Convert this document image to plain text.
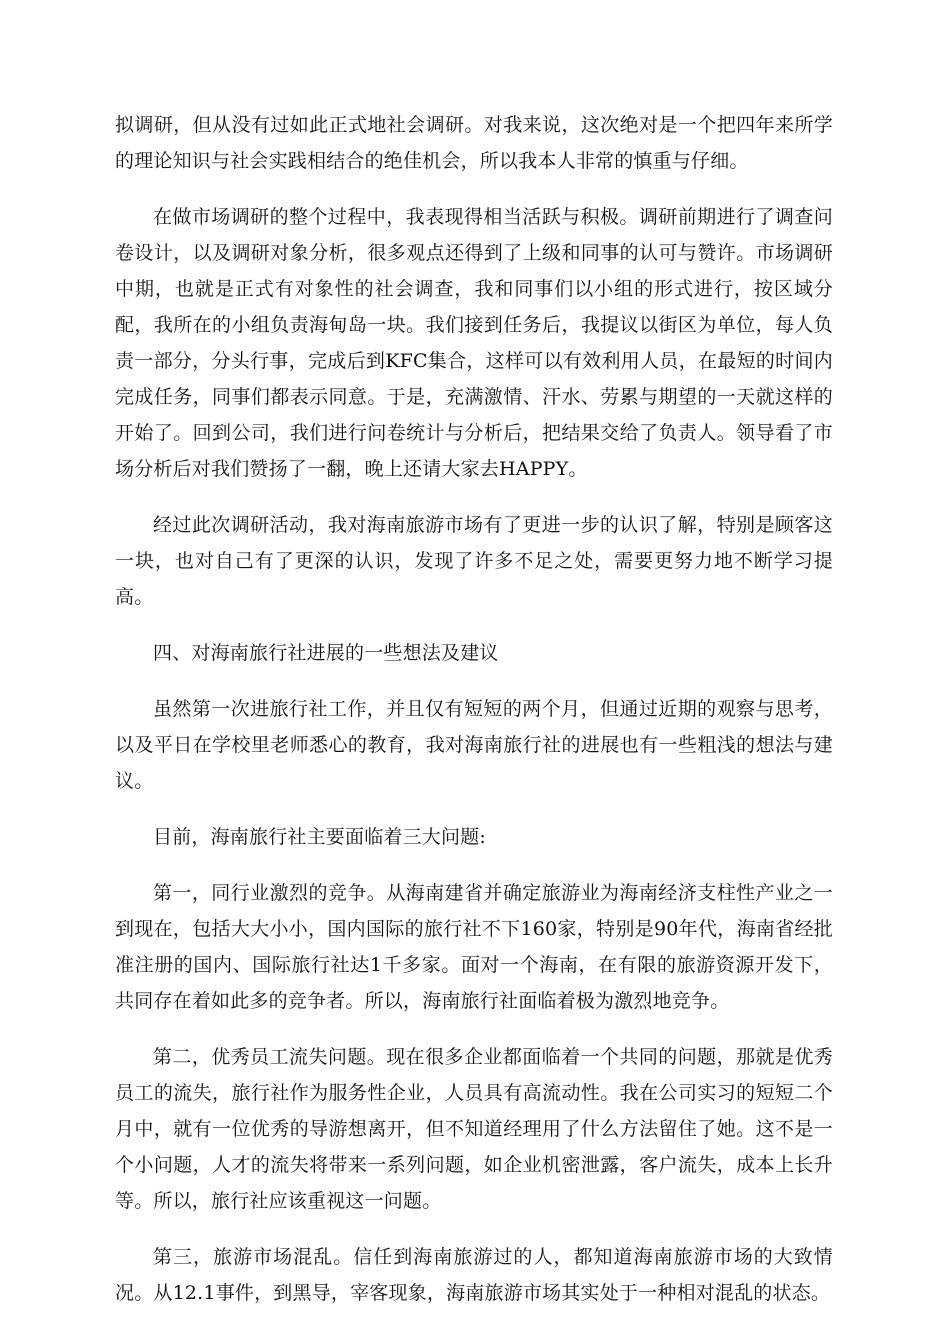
拟调研，但从没有过如此正式地社会调研。对我来说，这次绝对是一个把四年来所学的理论知识与社会实践相结合的绝佳机会，所以我本人非常的慎重与仔细。

在做市场调研的整个过程中，我表现得相当活跃与积极。调研前期进行了调查问卷设计，以及调研对象分析，很多观点还得到了上级和同事的认可与赞许。市场调研中期，也就是正式有对象性的社会调查，我和同事们以小组的形式进行，按区域分配，我所在的小组负责海甸岛一块。我们接到任务后，我提议以街区为单位，每人负责一部分，分头行事，完成后到KFC集合，这样可以有效利用人员，在最短的时间内完成任务，同事们都表示同意。于是，充满激情、汗水、劳累与期望的一天就这样的开始了。回到公司，我们进行问卷统计与分析后，把结果交给了负责人。领导看了市场分析后对我们赞扬了一翻，晚上还请大家去HAPPY。

经过此次调研活动，我对海南旅游市场有了更进一步的认识了解，特别是顾客这一块，也对自己有了更深的认识，发现了许多不足之处，需要更努力地不断学习提高。

四、对海南旅行社进展的一些想法及建议

虽然第一次进旅行社工作，并且仅有短短的两个月，但通过近期的观察与思考，以及平日在学校里老师悉心的教育，我对海南旅行社的进展也有一些粗浅的想法与建议。

目前，海南旅行社主要面临着三大问题:

第一，同行业激烈的竞争。从海南建省并确定旅游业为海南经济支柱性产业之一到现在，包括大大小小，国内国际的旅行社不下160家，特别是90年代，海南省经批准注册的国内、国际旅行社达1千多家。面对一个海南，在有限的旅游资源开发下，共同存在着如此多的竞争者。所以，海南旅行社面临着极为激烈地竞争。

第二，优秀员工流失问题。现在很多企业都面临着一个共同的问题，那就是优秀员工的流失，旅行社作为服务性企业，人员具有高流动性。我在公司实习的短短二个月中，就有一位优秀的导游想离开，但不知道经理用了什么方法留住了她。这不是一个小问题，人才的流失将带来一系列问题，如企业机密泄露，客户流失，成本上长升等。所以，旅行社应该重视这一问题。

第三，旅游市场混乱。信任到海南旅游过的人，都知道海南旅游市场的大致情况。从12.1事件，到黑导，宰客现象，海南旅游市场其实处于一种相对混乱的状态。
